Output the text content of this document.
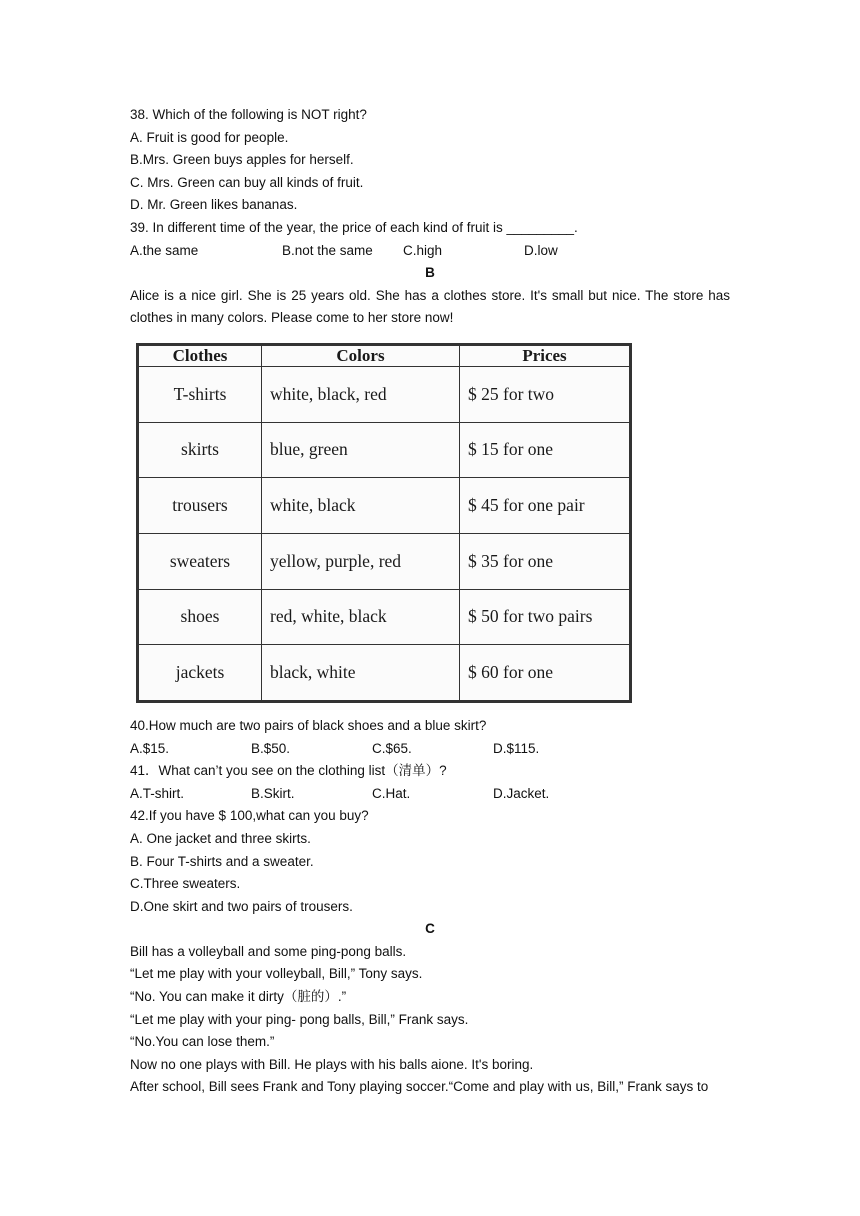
38. Which of the following is NOT right?
A. Fruit is good for people.
B.Mrs. Green buys apples for herself.
C. Mrs. Green can buy all kinds of fruit.
D. Mr. Green likes bananas.
39. In different time of the year, the price of each kind of fruit is _________.
A.the same	B.not the same	C.high	D.low
B
Alice is a nice girl. She is 25 years old. She has a clothes store. It's small but nice. The store has clothes in many colors. Please come to her store now!
Clothes	Colors	Prices
T-shirts	white, black, red	$ 25 for two
skirts	blue, green	$ 15 for one
trousers	white, black	$ 45 for one pair
sweaters	yellow, purple, red	$ 35 for one
shoes	red, white, black	$ 50 for two pairs
jackets	black, white	$ 60 for one
40.How much are two pairs of black shoes and a blue skirt?
A.$15.	B.$50.	C.$65.	D.$115.
41．What can’t you see on the clothing list（清单）?
A.T-shirt.	B.Skirt.	C.Hat.	D.Jacket.
42.If you have $ 100,what can you buy?
A. One jacket and three skirts.
B. Four T-shirts and a sweater.
C.Three sweaters.
D.One skirt and two pairs of trousers.
C
Bill has a volleyball and some ping-pong balls.
“Let me play with your volleyball, Bill,” Tony says.
“No. You can make it dirty（脏的）.”
“Let me play with your ping- pong balls, Bill,” Frank says.
“No.You can lose them.”
Now no one plays with Bill. He plays with his balls aione. It's boring.
After school, Bill sees Frank and Tony playing soccer.“Come and play with us, Bill,” Frank says to
